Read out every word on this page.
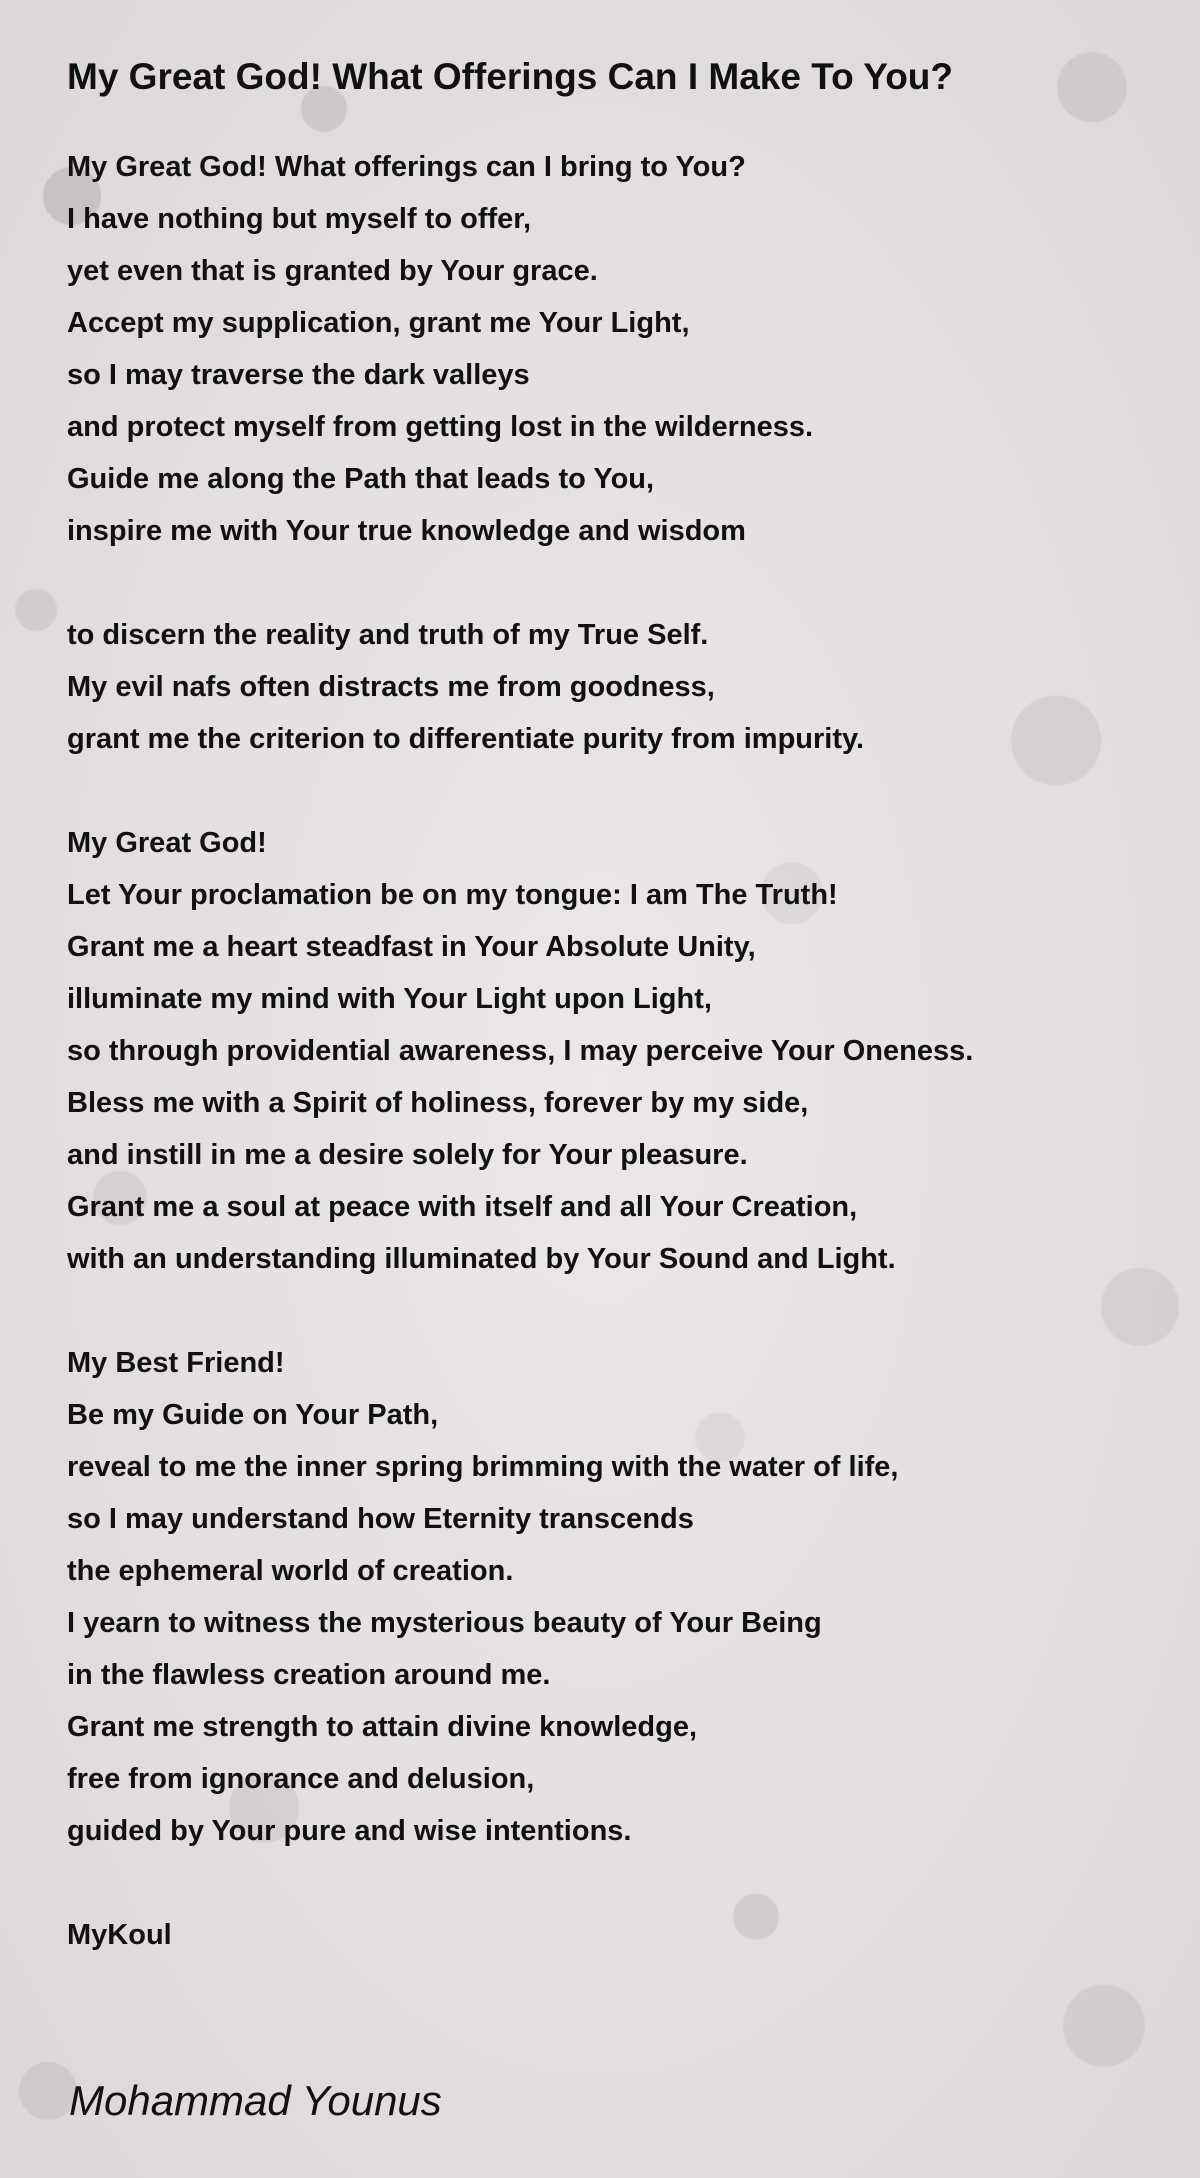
My Great God! What Offerings Can I Make To You?
My Great God! What offerings can I bring to You?
I have nothing but myself to offer,
yet even that is granted by Your grace.
Accept my supplication, grant me Your Light,
so I may traverse the dark valleys
and protect myself from getting lost in the wilderness.
Guide me along the Path that leads to You,
inspire me with Your true knowledge and wisdom
to discern the reality and truth of my True Self.
My evil nafs often distracts me from goodness,
grant me the criterion to differentiate purity from impurity.
My Great God!
Let Your proclamation be on my tongue: I am The Truth!
Grant me a heart steadfast in Your Absolute Unity,
illuminate my mind with Your Light upon Light,
so through providential awareness, I may perceive Your Oneness.
Bless me with a Spirit of holiness, forever by my side,
and instill in me a desire solely for Your pleasure.
Grant me a soul at peace with itself and all Your Creation,
with an understanding illuminated by Your Sound and Light.
My Best Friend!
Be my Guide on Your Path,
reveal to me the inner spring brimming with the water of life,
so I may understand how Eternity transcends
the ephemeral world of creation.
I yearn to witness the mysterious beauty of Your Being
in the flawless creation around me.
Grant me strength to attain divine knowledge,
free from ignorance and delusion,
guided by Your pure and wise intentions.
MyKoul
Mohammad Younus
